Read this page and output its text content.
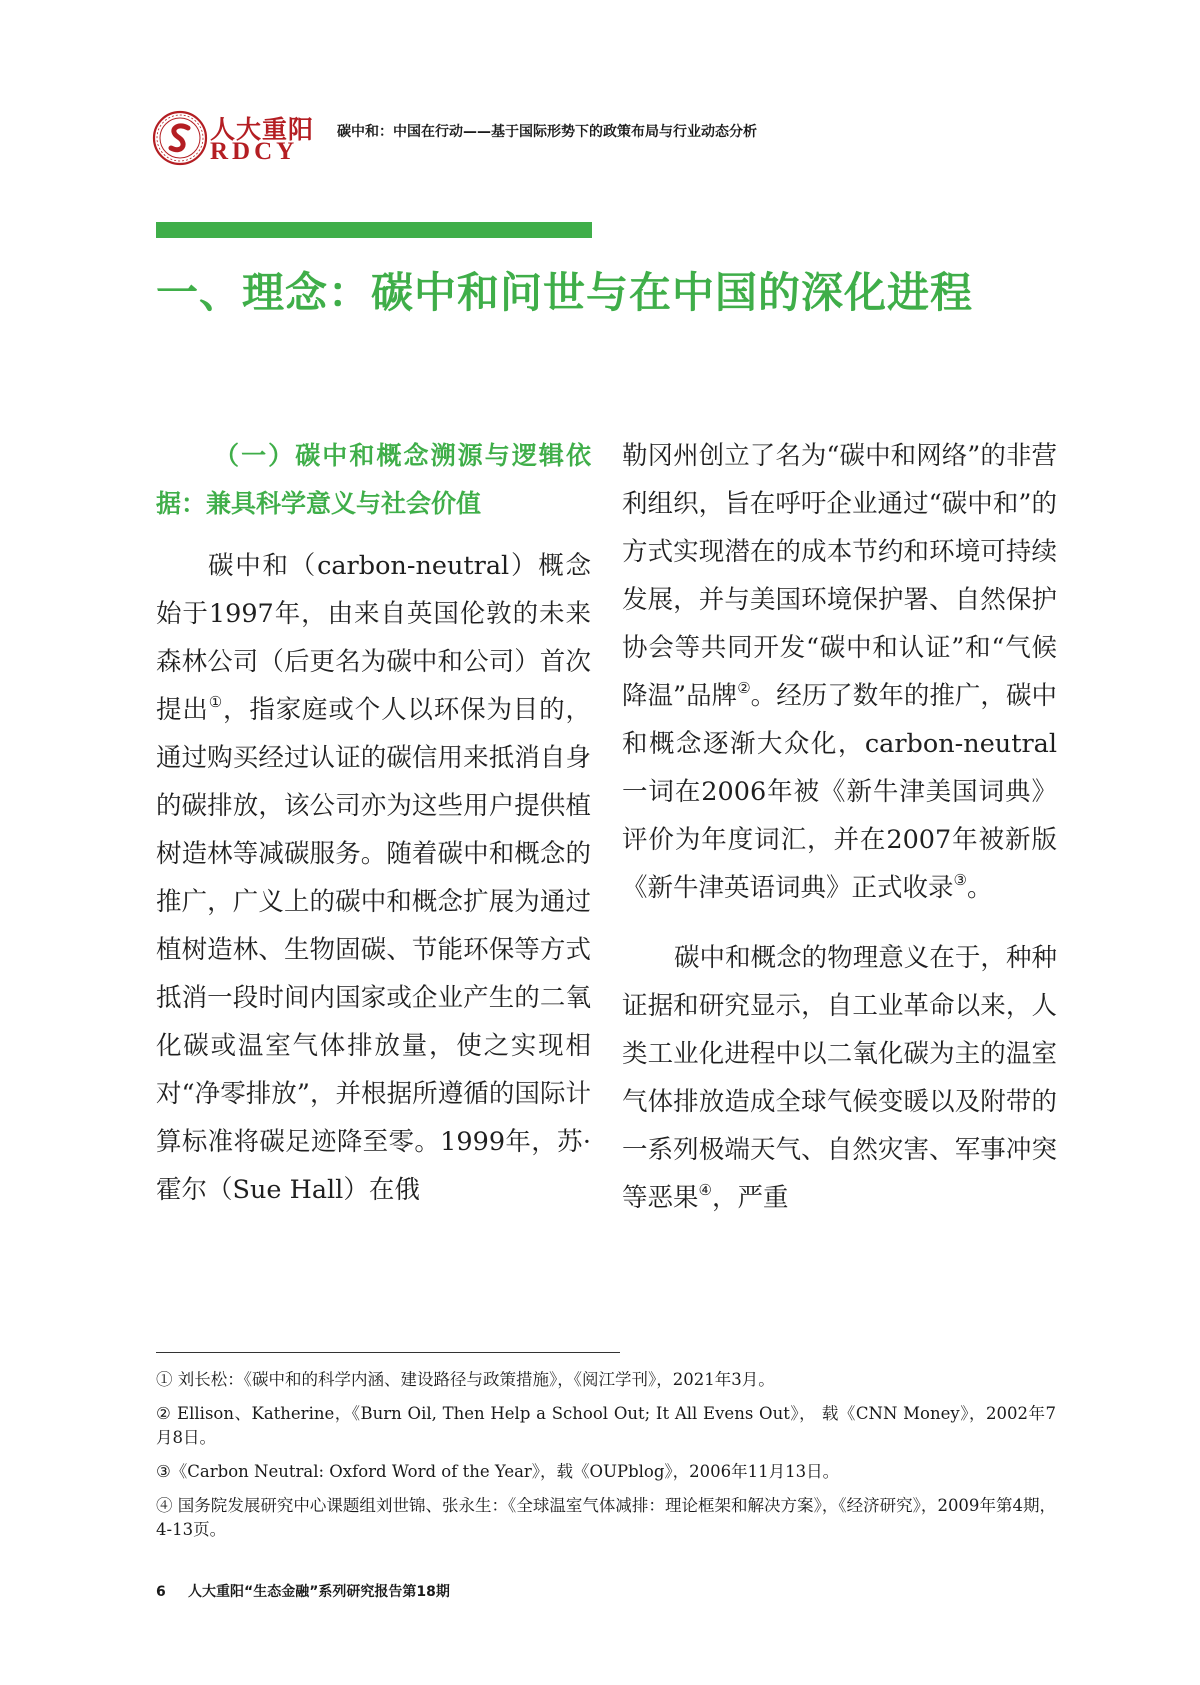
人大重阳
RDCY
碳中和：中国在行动——基于国际形势下的政策布局与行业动态分析
一、理念：碳中和问世与在中国的深化进程

（一）碳中和概念溯源与逻辑依据：兼具科学意义与社会价值

碳中和（carbon-neutral）概念始于1997年，由来自英国伦敦的未来森林公司（后更名为碳中和公司）首次提出①，指家庭或个人以环保为目的，通过购买经过认证的碳信用来抵消自身的碳排放，该公司亦为这些用户提供植树造林等减碳服务。随着碳中和概念的推广，广义上的碳中和概念扩展为通过植树造林、生物固碳、节能环保等方式抵消一段时间内国家或企业产生的二氧化碳或温室气体排放量，使之实现相对“净零排放”，并根据所遵循的国际计算标准将碳足迹降至零。1999年，苏·霍尔（Sue Hall）在俄

勒冈州创立了名为“碳中和网络”的非营利组织，旨在呼吁企业通过“碳中和”的方式实现潜在的成本节约和环境可持续发展，并与美国环境保护署、自然保护协会等共同开发“碳中和认证”和“气候降温”品牌②。经历了数年的推广，碳中和概念逐渐大众化，carbon-neutral一词在2006年被《新牛津美国词典》评价为年度词汇，并在2007年被新版《新牛津英语词典》正式收录③。

碳中和概念的物理意义在于，种种证据和研究显示，自工业革命以来，人类工业化进程中以二氧化碳为主的温室气体排放造成全球气候变暖以及附带的一系列极端天气、自然灾害、军事冲突等恶果④，严重

① 刘长松：《碳中和的科学内涵、建设路径与政策措施》，《阅江学刊》，2021年3月。

② Ellison、Katherine，《Burn Oil, Then Help a School Out; It All Evens Out》， 载《CNN Money》，2002年7月8日。

③《Carbon Neutral: Oxford Word of the Year》，载《OUPblog》，2006年11月13日。

④ 国务院发展研究中心课题组刘世锦、张永生：《全球温室气体减排：理论框架和解决方案》，《经济研究》，2009年第4期，4-13页。

6 人大重阳“生态金融”系列研究报告第18期
